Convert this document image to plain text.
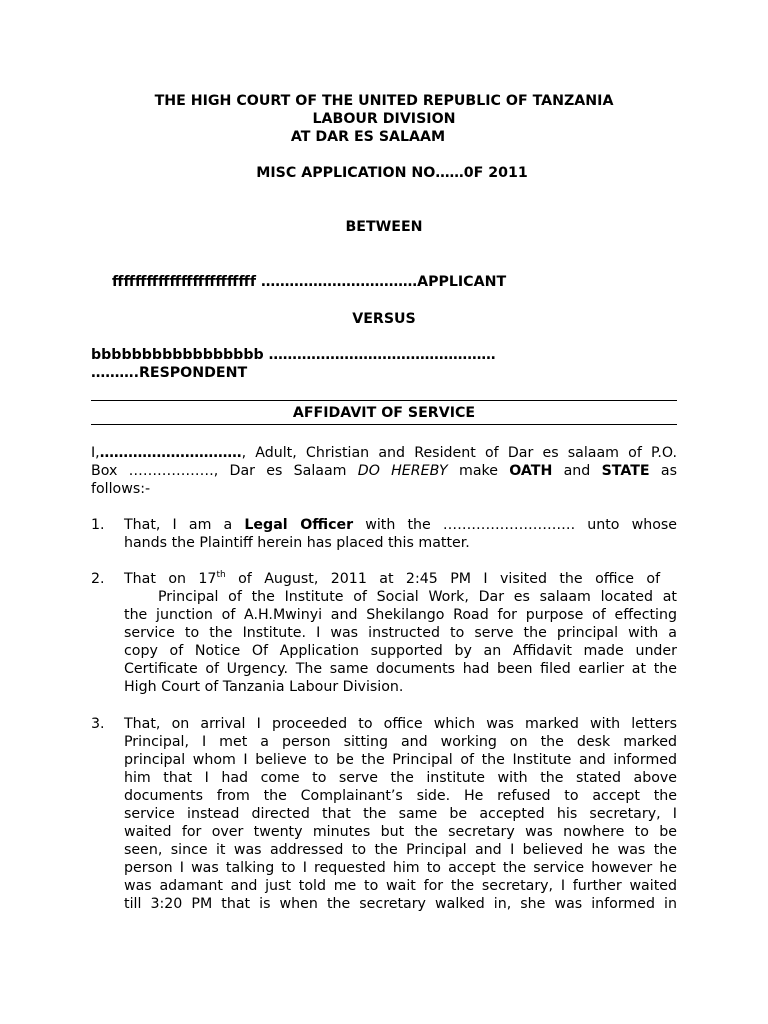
THE HIGH COURT OF THE UNITED REPUBLIC OF TANZANIA
LABOUR DIVISION
AT DAR ES SALAAM
MISC APPLICATION NO……0F 2011
BETWEEN
fffffffffffffffffffffffff ……………………………APPLICANT
VERSUS
bbbbbbbbbbbbbbbbb …………………………………………
……….RESPONDENT
AFFIDAVIT OF SERVICE
I,…………………………, Adult, Christian and Resident of Dar es salaam of P.O.
Box ………………, Dar es Salaam DO HEREBY make OATH and STATE as
follows:-
1. That, I am a Legal Officer with the ………………………. unto whose
hands the Plaintiff herein has placed this matter.
2. That on 17th of August, 2011 at 2:45 PM I visited the office of
Principal of the Institute of Social Work, Dar es salaam located at
the junction of A.H.Mwinyi and Shekilango Road for purpose of effecting
service to the Institute. I was instructed to serve the principal with a
copy of Notice Of Application supported by an Affidavit made under
Certificate of Urgency. The same documents had been filed earlier at the
High Court of Tanzania Labour Division.
3. That, on arrival I proceeded to office which was marked with letters
Principal, I met a person sitting and working on the desk marked
principal whom I believe to be the Principal of the Institute and informed
him that I had come to serve the institute with the stated above
documents from the Complainant’s side. He refused to accept the
service instead directed that the same be accepted his secretary, I
waited for over twenty minutes but the secretary was nowhere to be
seen, since it was addressed to the Principal and I believed he was the
person I was talking to I requested him to accept the service however he
was adamant and just told me to wait for the secretary, I further waited
till 3:20 PM that is when the secretary walked in, she was informed in
